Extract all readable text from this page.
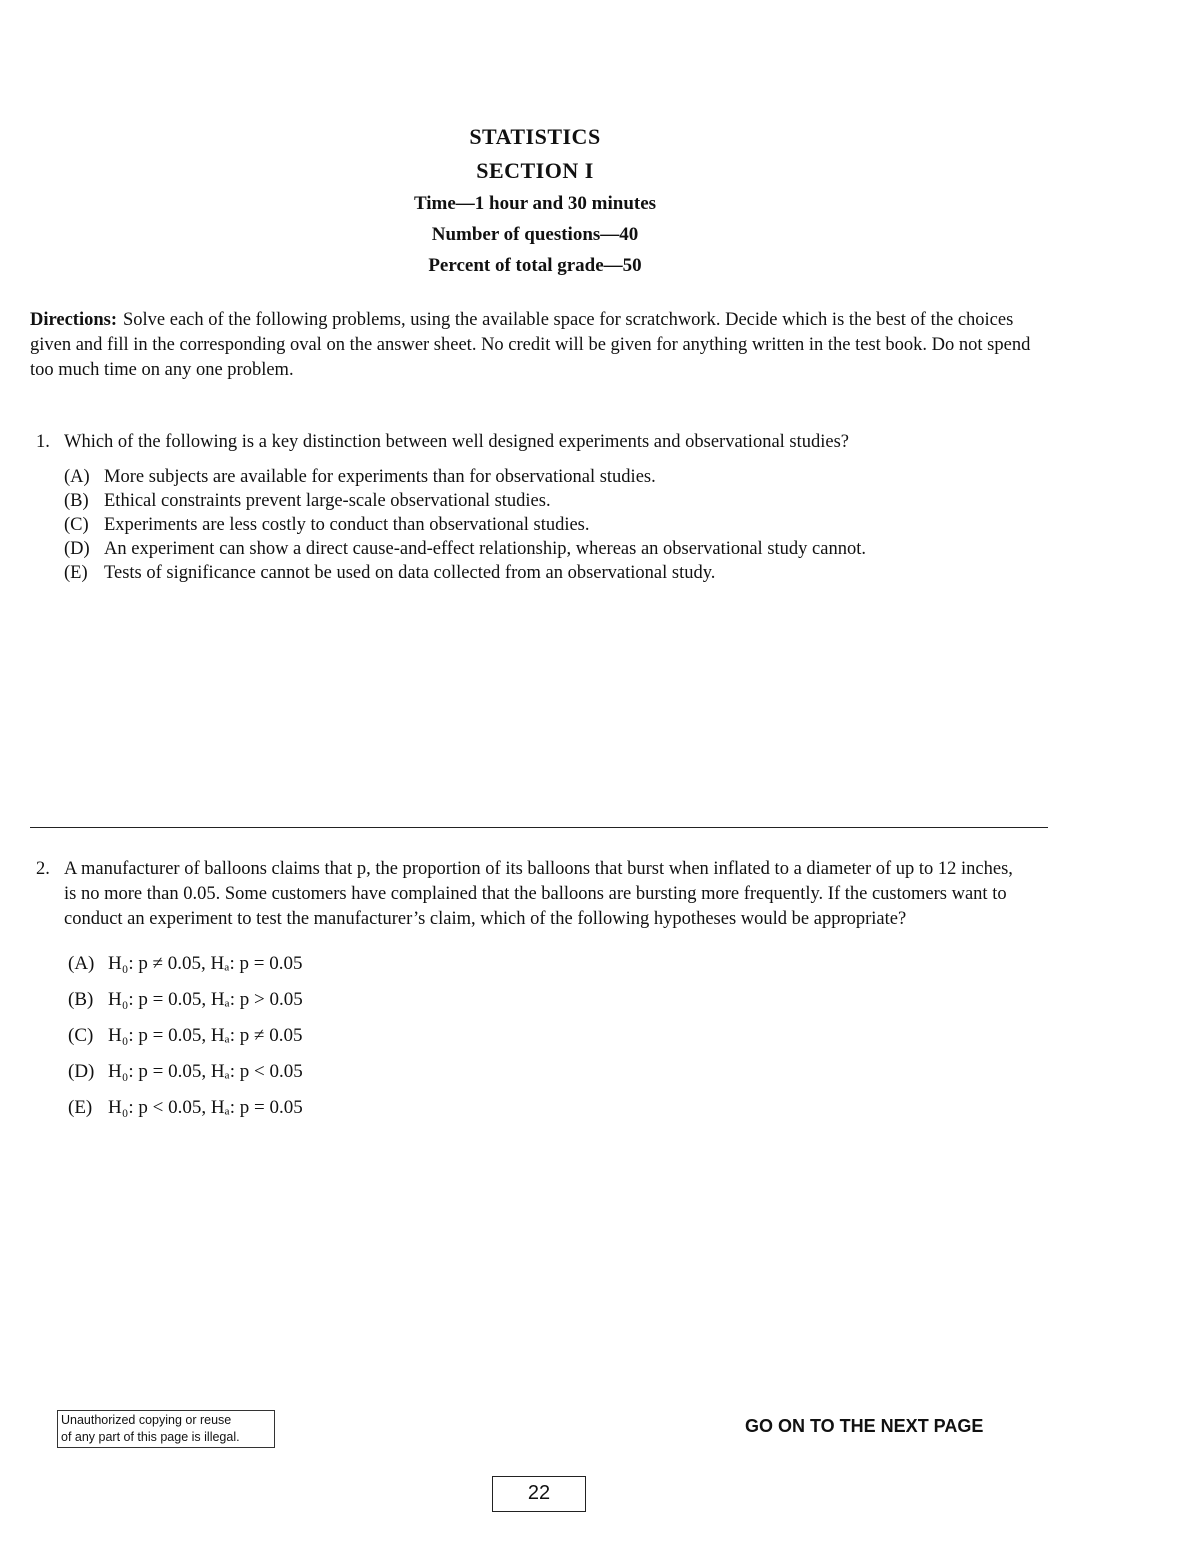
STATISTICS
SECTION I
Time—1 hour and 30 minutes
Number of questions—40
Percent of total grade—50
Directions: Solve each of the following problems, using the available space for scratchwork. Decide which is the best of the choices given and fill in the corresponding oval on the answer sheet. No credit will be given for anything written in the test book. Do not spend too much time on any one problem.
1. Which of the following is a key distinction between well designed experiments and observational studies?
(A) More subjects are available for experiments than for observational studies.
(B) Ethical constraints prevent large-scale observational studies.
(C) Experiments are less costly to conduct than observational studies.
(D) An experiment can show a direct cause-and-effect relationship, whereas an observational study cannot.
(E) Tests of significance cannot be used on data collected from an observational study.
2. A manufacturer of balloons claims that p, the proportion of its balloons that burst when inflated to a diameter of up to 12 inches, is no more than 0.05. Some customers have complained that the balloons are bursting more frequently. If the customers want to conduct an experiment to test the manufacturer’s claim, which of the following hypotheses would be appropriate?
(A) H₀: p ≠ 0.05, Hₐ: p = 0.05
(B) H₀: p = 0.05, Hₐ: p > 0.05
(C) H₀: p = 0.05, Hₐ: p ≠ 0.05
(D) H₀: p = 0.05, Hₐ: p < 0.05
(E) H₀: p < 0.05, Hₐ: p = 0.05
Unauthorized copying or reuse
of any part of this page is illegal.
GO ON TO THE NEXT PAGE
22
